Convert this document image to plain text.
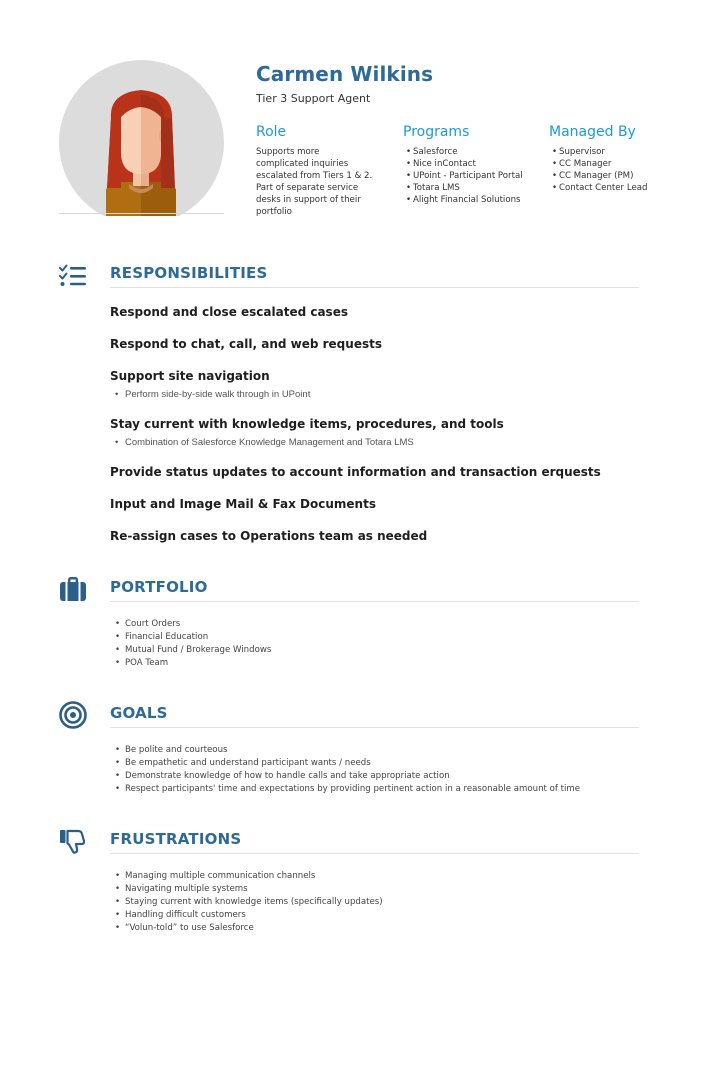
Carmen Wilkins
Tier 3 Support Agent
Role
Supports more complicated inquiries escalated from Tiers 1 & 2. Part of separate service desks in support of their portfolio
Programs
• Salesforce
• Nice inContact
• UPoint - Participant Portal
• Totara LMS
• Alight Financial Solutions
Managed By
• Supervisor
• CC Manager
• CC Manager (PM)
• Contact Center Lead
RESPONSIBILITIES
Respond and close escalated cases
Respond to chat, call, and web requests
Support site navigation
• Perform side-by-side walk through in UPoint
Stay current with knowledge items, procedures, and tools
• Combination of Salesforce Knowledge Management and Totara LMS
Provide status updates to account information and transaction erquests
Input and Image Mail & Fax Documents
Re-assign cases to Operations team as needed
PORTFOLIO
• Court Orders
• Financial Education
• Mutual Fund / Brokerage Windows
• POA Team
GOALS
• Be polite and courteous
• Be empathetic and understand participant wants / needs
• Demonstrate knowledge of how to handle calls and take appropriate action
• Respect participants' time and expectations by providing pertinent action in a reasonable amount of time
FRUSTRATIONS
• Managing multiple communication channels
• Navigating multiple systems
• Staying current with knowledge items (specifically updates)
• Handling difficult customers
• “Volun-told” to use Salesforce
